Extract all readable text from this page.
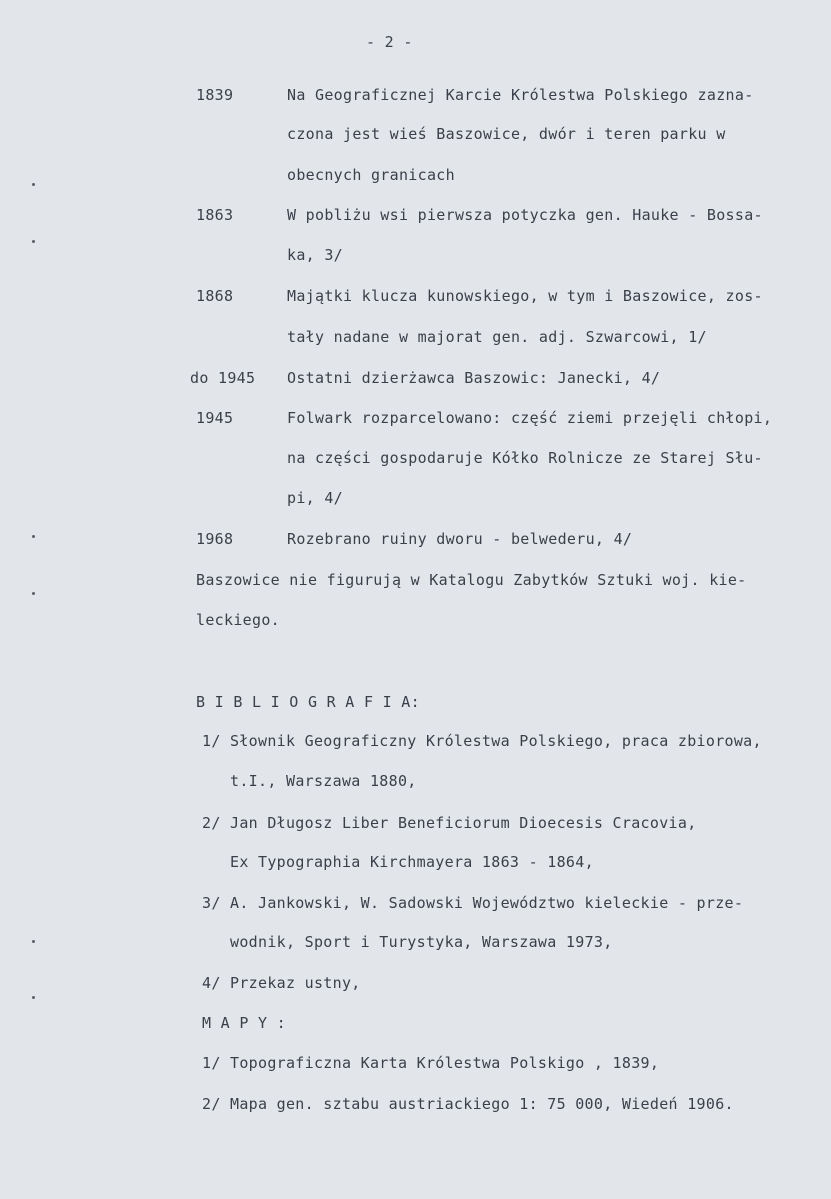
- 2 -
1839	Na Geograficznej Karcie Królestwa Polskiego zazna-
czona jest wieś Baszowice, dwór i teren parku w
obecnych granicach
1863	W pobliżu wsi pierwsza potyczka gen. Hauke - Bossa-
ka, 3/
1868	Majątki klucza kunowskiego, w tym i Baszowice, zos-
tały nadane w majorat gen. adj. Szwarcowi, 1/
do 1945 Ostatni dzierżawca Baszowic: Janecki, 4/
1945	Folwark rozparcelowano: część ziemi przejęli chłopi,
na części gospodaruje Kółko Rolnicze ze Starej Słu-
pi, 4/
1968	Rozebrano ruiny dworu - belwederu, 4/
Baszowice nie figurują w Katalogu Zabytków Sztuki woj. kie-
leckiego.
B I B L I O G R A F I A:
1/ Słownik Geograficzny Królestwa Polskiego, praca zbiorowa,
t.I., Warszawa 1880,
2/ Jan Długosz Liber Beneficiorum Dioecesis Cracovia,
Ex Typographia Kirchmayera 1863 - 1864,
3/ A. Jankowski, W. Sadowski Województwo kieleckie - prze-
wodnik, Sport i Turystyka, Warszawa 1973,
4/ Przekaz ustny,
M A P Y :
1/ Topograficzna Karta Królestwa Polskigo , 1839,
2/ Mapa gen. sztabu austriackiego 1: 75 000, Wiedeń 1906.
